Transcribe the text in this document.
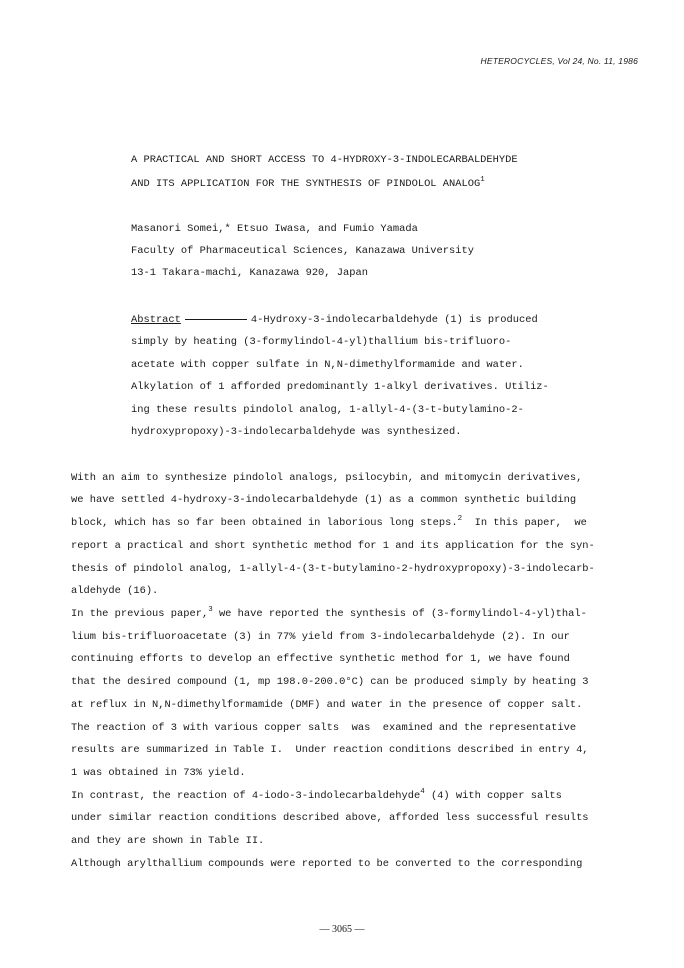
HETEROCYCLES, Vol 24, No. 11, 1986
A PRACTICAL AND SHORT ACCESS TO 4-HYDROXY-3-INDOLECARBALDEHYDE
AND ITS APPLICATION FOR THE SYNTHESIS OF PINDOLOL ANALOG$^1$
Masanori Somei,* Etsuo Iwasa, and Fumio Yamada
Faculty of Pharmaceutical Sciences, Kanazawa University
13-1 Takara-machi, Kanazawa 920, Japan
Abstract	4-Hydroxy-3-indolecarbaldehyde (1) is produced
simply by heating (3-formylindol-4-yl)thallium bis-trifluoro-
acetate with copper sulfate in N,N-dimethylformamide and water.
Alkylation of 1 afforded predominantly 1-alkyl derivatives. Utiliz-
ing these results pindolol analog, 1-allyl-4-(3-t-butylamino-2-
hydroxypropoxy)-3-indolecarbaldehyde was synthesized.
With an aim to synthesize pindolol analogs, psilocybin, and mitomycin derivatives,
we have settled 4-hydroxy-3-indolecarbaldehyde (1) as a common synthetic building
block, which has so far been obtained in laborious long steps.$^2$  In this paper,  we
report a practical and short synthetic method for 1 and its application for the syn-
thesis of pindolol analog, 1-allyl-4-(3-t-butylamino-2-hydroxypropoxy)-3-indolecarb-
aldehyde (16).
In the previous paper,$^3$ we have reported the synthesis of (3-formylindol-4-yl)thal-
lium bis-trifluoroacetate (3) in 77% yield from 3-indolecarbaldehyde (2). In our
continuing efforts to develop an effective synthetic method for 1, we have found
that the desired compound (1, mp 198.0-200.0°C) can be produced simply by heating 3
at reflux in N,N-dimethylformamide (DMF) and water in the presence of copper salt.
The reaction of 3 with various copper salts  was  examined and the representative
results are summarized in Table I.  Under reaction conditions described in entry 4,
1 was obtained in 73% yield.
In contrast, the reaction of 4-iodo-3-indolecarbaldehyde$^4$ (4) with copper salts
under similar reaction conditions described above, afforded less successful results
and they are shown in Table II.
Although arylthallium compounds were reported to be converted to the corresponding
— 3065 —
